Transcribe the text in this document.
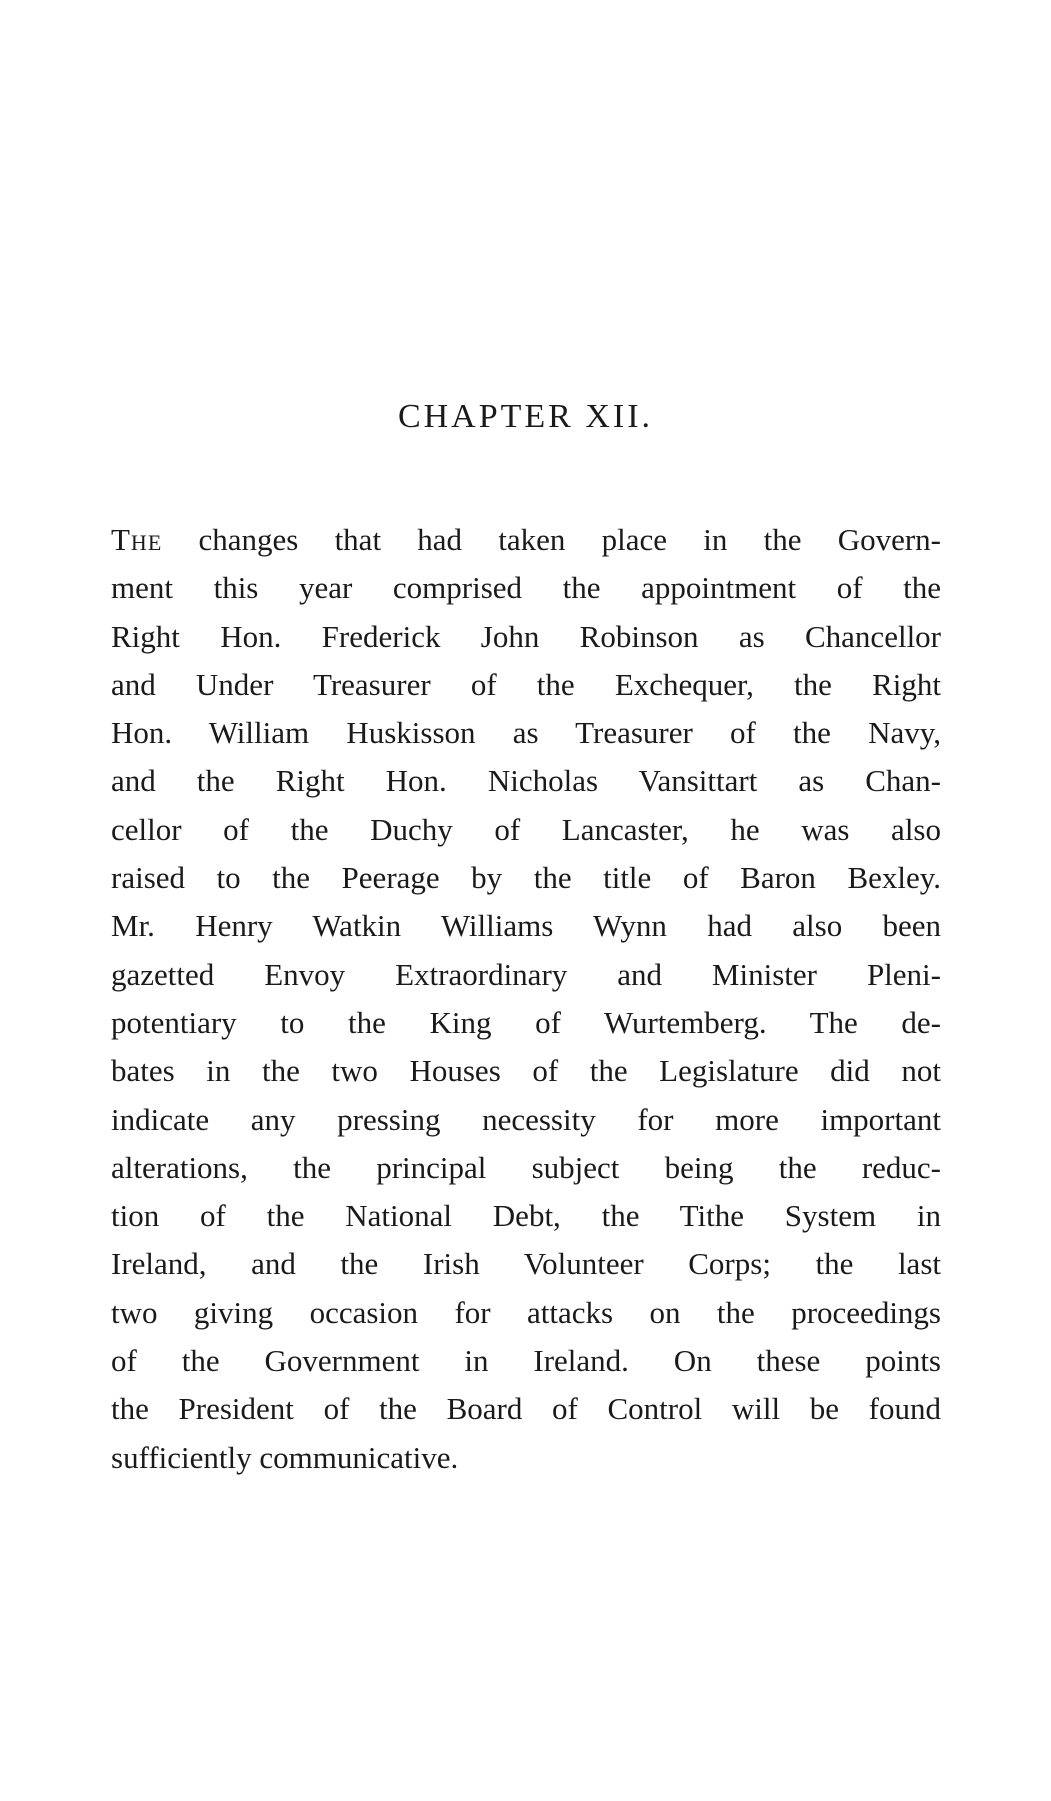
CHAPTER XII.
The changes that had taken place in the Govern-
ment this year comprised the appointment of the
Right Hon. Frederick John Robinson as Chancellor
and Under Treasurer of the Exchequer, the Right
Hon. William Huskisson as Treasurer of the Navy,
and the Right Hon. Nicholas Vansittart as Chan-
cellor of the Duchy of Lancaster, he was also
raised to the Peerage by the title of Baron Bexley.
Mr. Henry Watkin Williams Wynn had also been
gazetted Envoy Extraordinary and Minister Pleni-
potentiary to the King of Wurtemberg. The de-
bates in the two Houses of the Legislature did not
indicate any pressing necessity for more important
alterations, the principal subject being the reduc-
tion of the National Debt, the Tithe System in
Ireland, and the Irish Volunteer Corps; the last
two giving occasion for attacks on the proceedings
of the Government in Ireland. On these points
the President of the Board of Control will be found
sufficiently communicative.
